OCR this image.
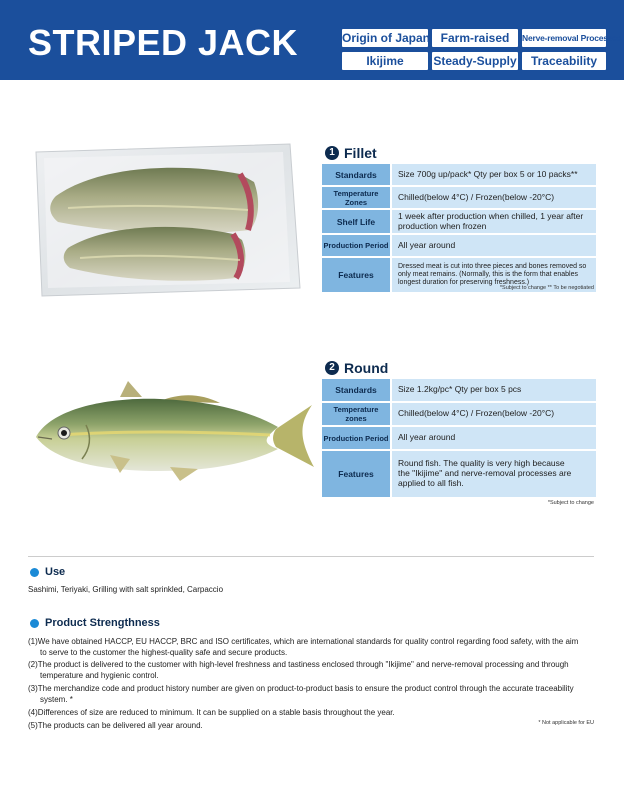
STRIPED JACK	Origin of Japan Farm-raised	Nerve-removal Processes
Ikijime	Steady-Supply	Traceability
1 Fillet
Standards	Size 700g up/pack* Qty per box 5 or 10 packs**
Temperature Zones	Chilled(below 4°C) / Frozen(below -20°C)
Shelf Life	1 week after production when chilled, 1 year after production when frozen
Production Period	All year around
Features	Dressed meat is cut into three pieces and bones removed so only meat remains. (Normally, this is the form that enables longest duration for preserving freshness.)
*Subject to change ** To be negotiated
2 Round
Standards	Size 1.2kg/pc* Qty per box 5 pcs
Temperature zones	Chilled(below 4°C) / Frozen(below -20°C)
Production Period	All year around
Features	Round fish. The quality is very high because the "Ikijime" and nerve-removal processes are applied to all fish.
*Subject to change
Use
Sashimi, Teriyaki, Grilling with salt sprinkled, Carpaccio
Product Strengthness
(1)We have obtained HACCP, EU HACCP, BRC and ISO certificates, which are international standards for quality control regarding food safety, with the aim
to serve to the customer the highest-quality safe and secure products.
(2)The product is delivered to the customer with high-level freshness and tastiness enclosed through "Ikijime" and nerve-removal processing and through
temperature and hygienic control.
(3)The merchandize code and product history number are given on product-to-product basis to ensure the product control through the accurate traceability
system. *
(4)Differences of size are reduced to minimum. It can be supplied on a stable basis throughout the year.
(5)The products can be delivered all year around.	* Not applicable for EU
